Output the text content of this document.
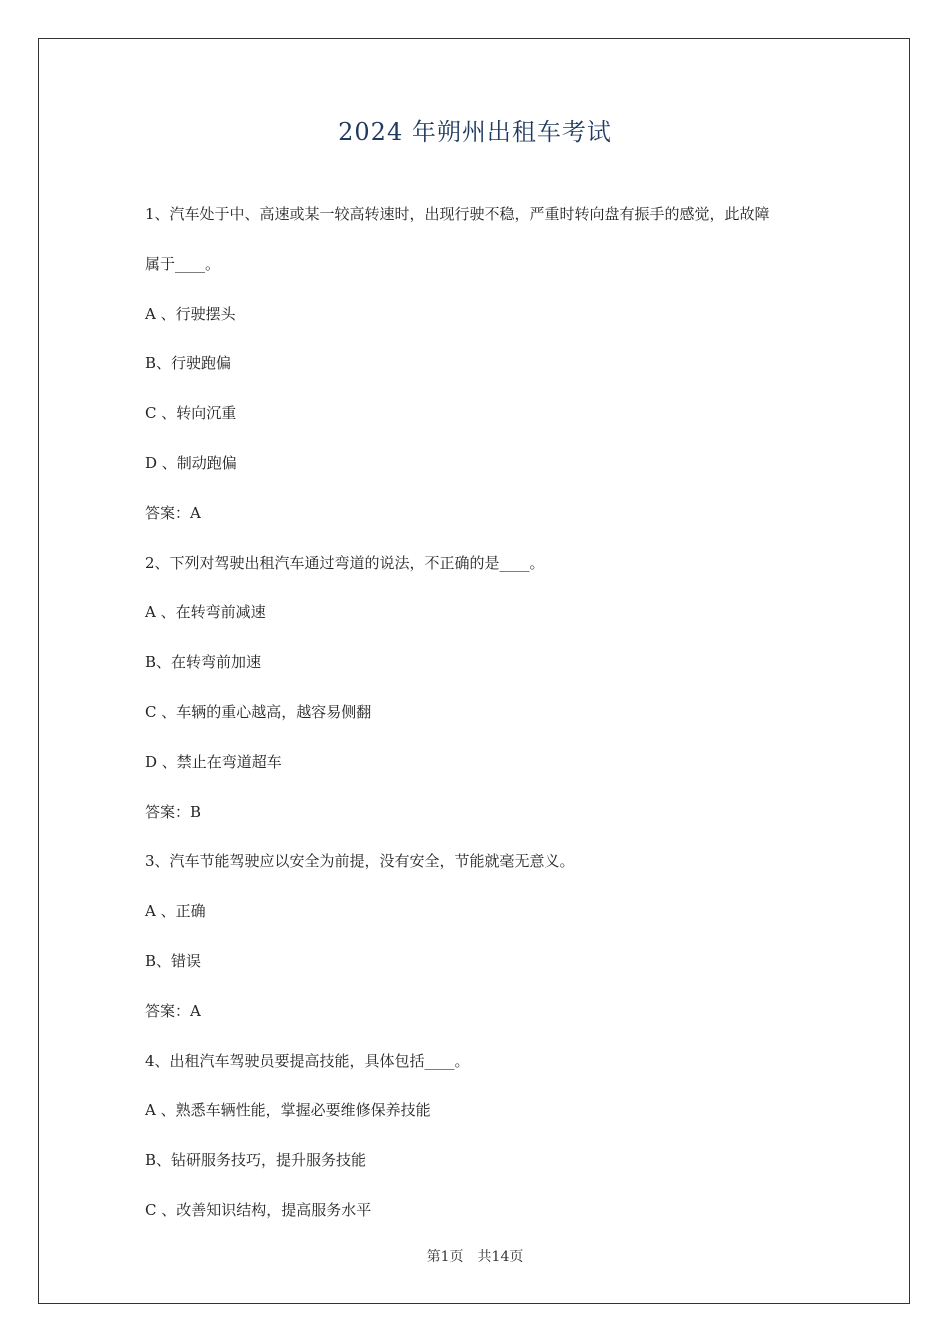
2024 年朔州出租车考试
1、汽车处于中、高速或某一较高转速时，出现行驶不稳，严重时转向盘有振手的感觉，此故障
属于____。
A 、行驶摆头
B、行驶跑偏
C 、转向沉重
D 、制动跑偏
答案：A
2、下列对驾驶出租汽车通过弯道的说法，不正确的是____。
A 、在转弯前减速
B、在转弯前加速
C 、车辆的重心越高，越容易侧翻
D 、禁止在弯道超车
答案：B
3、汽车节能驾驶应以安全为前提，没有安全，节能就毫无意义。
A 、正确
B、错误
答案：A
4、出租汽车驾驶员要提高技能，具体包括____。
A 、熟悉车辆性能，掌握必要维修保养技能
B、钻研服务技巧，提升服务技能
C 、改善知识结构，提高服务水平
第1页 共14页
